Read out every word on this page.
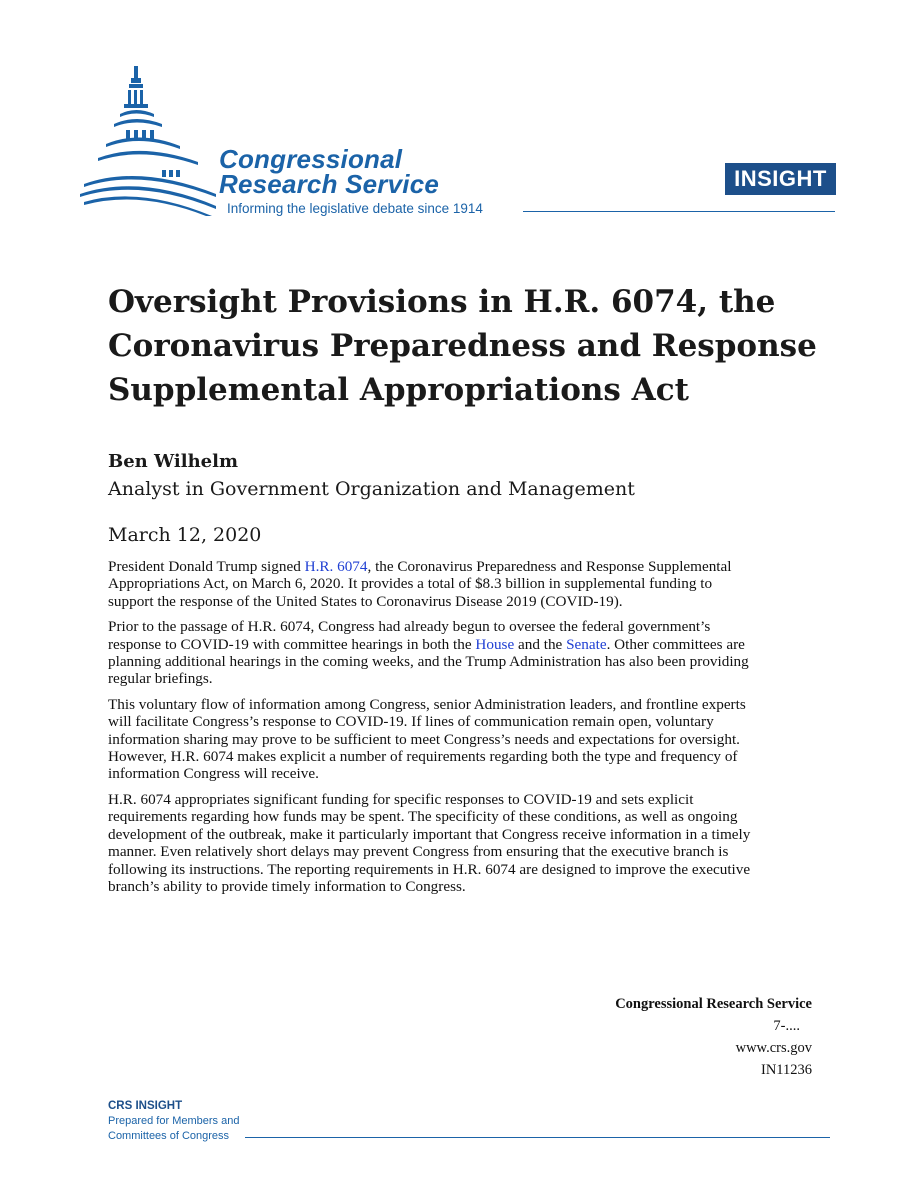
Congressional
Research Service
Informing the legislative debate since 1914
INSIGHT
Oversight Provisions in H.R. 6074, the
Coronavirus Preparedness and Response
Supplemental Appropriations Act
Ben Wilhelm
Analyst in Government Organization and Management
March 12, 2020

President Donald Trump signed H.R. 6074, the Coronavirus Preparedness and Response Supplemental
Appropriations Act, on March 6, 2020. It provides a total of $8.3 billion in supplemental funding to
support the response of the United States to Coronavirus Disease 2019 (COVID-19).

Prior to the passage of H.R. 6074, Congress had already begun to oversee the federal government’s
response to COVID-19 with committee hearings in both the House and the Senate. Other committees are
planning additional hearings in the coming weeks, and the Trump Administration has also been providing
regular briefings.

This voluntary flow of information among Congress, senior Administration leaders, and frontline experts
will facilitate Congress’s response to COVID-19. If lines of communication remain open, voluntary
information sharing may prove to be sufficient to meet Congress’s needs and expectations for oversight.
However, H.R. 6074 makes explicit a number of requirements regarding both the type and frequency of
information Congress will receive.

H.R. 6074 appropriates significant funding for specific responses to COVID-19 and sets explicit
requirements regarding how funds may be spent. The specificity of these conditions, as well as ongoing
development of the outbreak, make it particularly important that Congress receive information in a timely
manner. Even relatively short delays may prevent Congress from ensuring that the executive branch is
following its instructions. The reporting requirements in H.R. 6074 are designed to improve the executive
branch’s ability to provide timely information to Congress.

Congressional Research Service
7-....
www.crs.gov
IN11236
CRS INSIGHT
Prepared for Members and
Committees of Congress
